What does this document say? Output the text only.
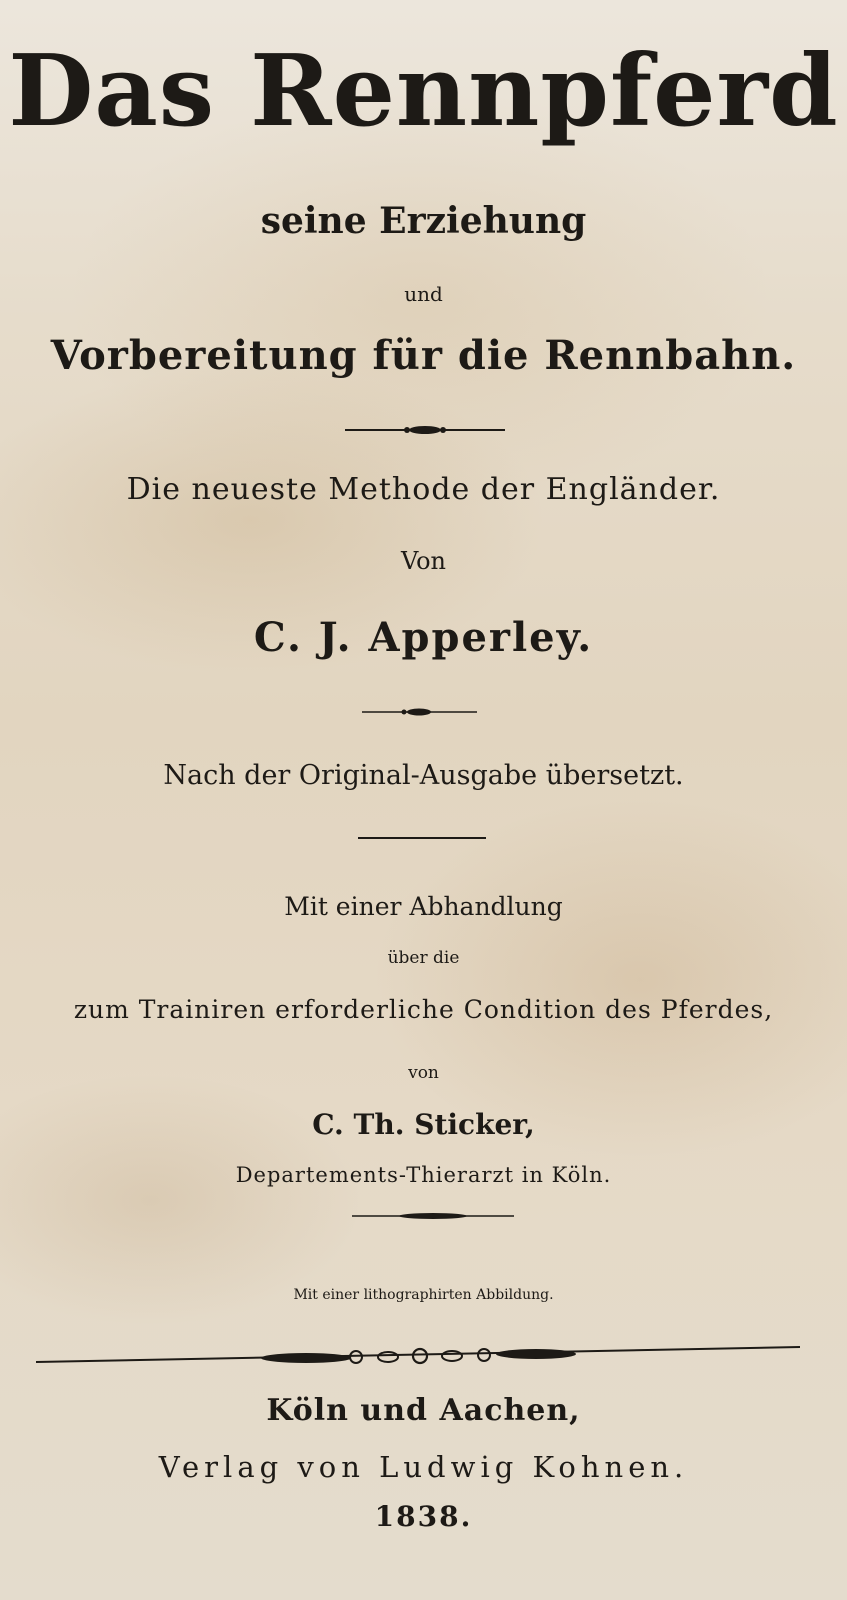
Das Rennpferd

seine Erziehung

und

Vorbereitung für die Rennbahn.

Die neueste Methode der Engländer.

Von

C. J. Apperley.

Nach der Original-Ausgabe übersetzt.

Mit einer Abhandlung

über die

zum Trainiren erforderliche Condition des Pferdes,

von

C. Th. Sticker,

Departements-Thierarzt in Köln.

Mit einer lithographirten Abbildung.

Köln und Aachen,

Verlag von Ludwig Kohnen.

1838.
